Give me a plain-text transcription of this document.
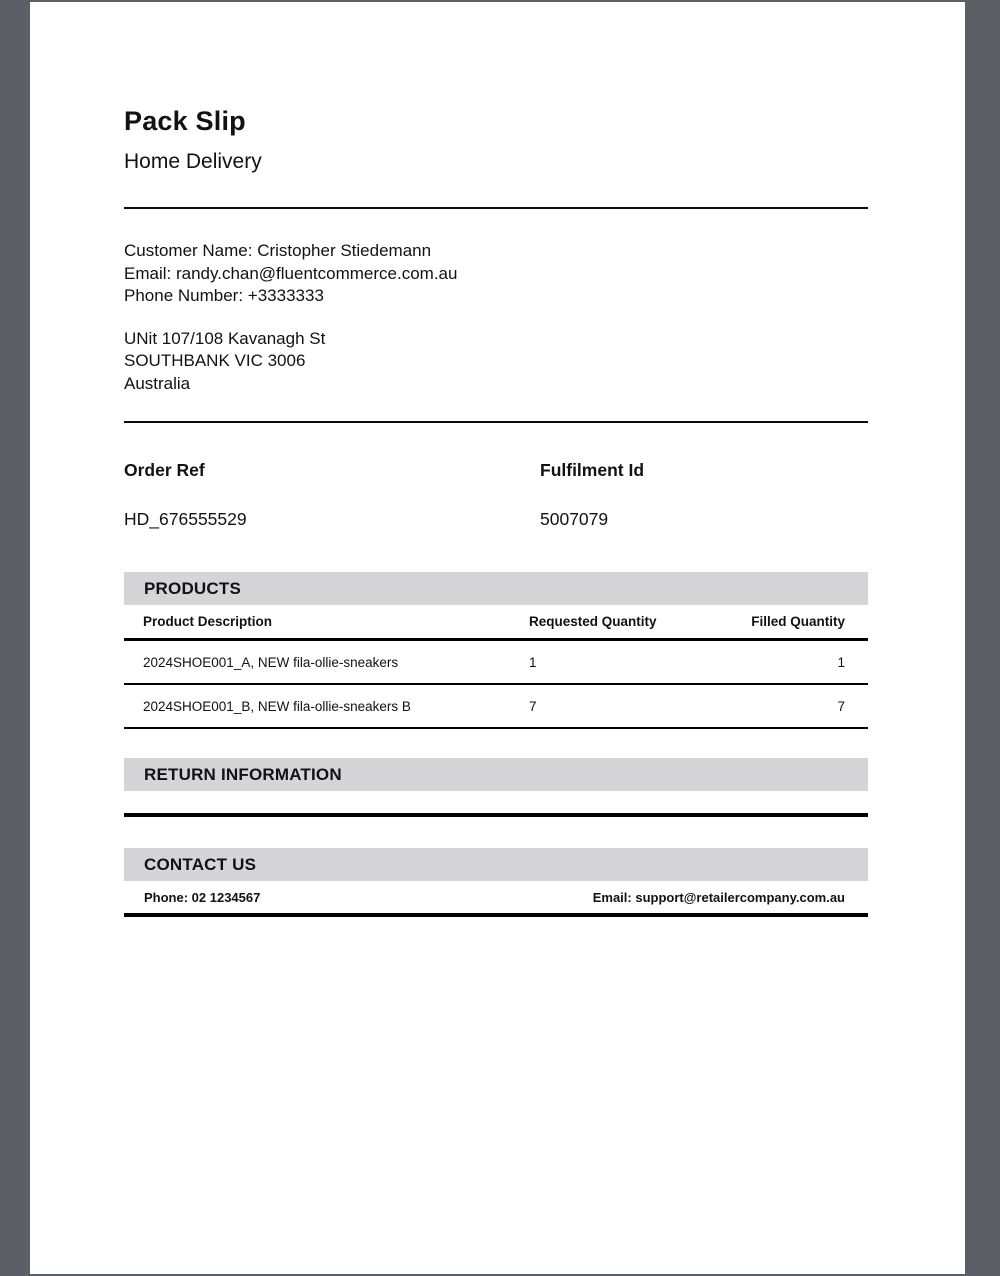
Pack Slip
Home Delivery
Customer Name: Cristopher Stiedemann
Email: randy.chan@fluentcommerce.com.au
Phone Number: +3333333
UNit 107/108 Kavanagh St
SOUTHBANK VIC 3006
Australia
Order Ref
HD_676555529
Fulfilment Id
5007079
PRODUCTS
Product Description	Requested Quantity	Filled Quantity
2024SHOE001_A, NEW fila-ollie-sneakers	1	1
2024SHOE001_B, NEW fila-ollie-sneakers B	7	7
RETURN INFORMATION
CONTACT US
Phone: 02 1234567	Email: support@retailercompany.com.au
